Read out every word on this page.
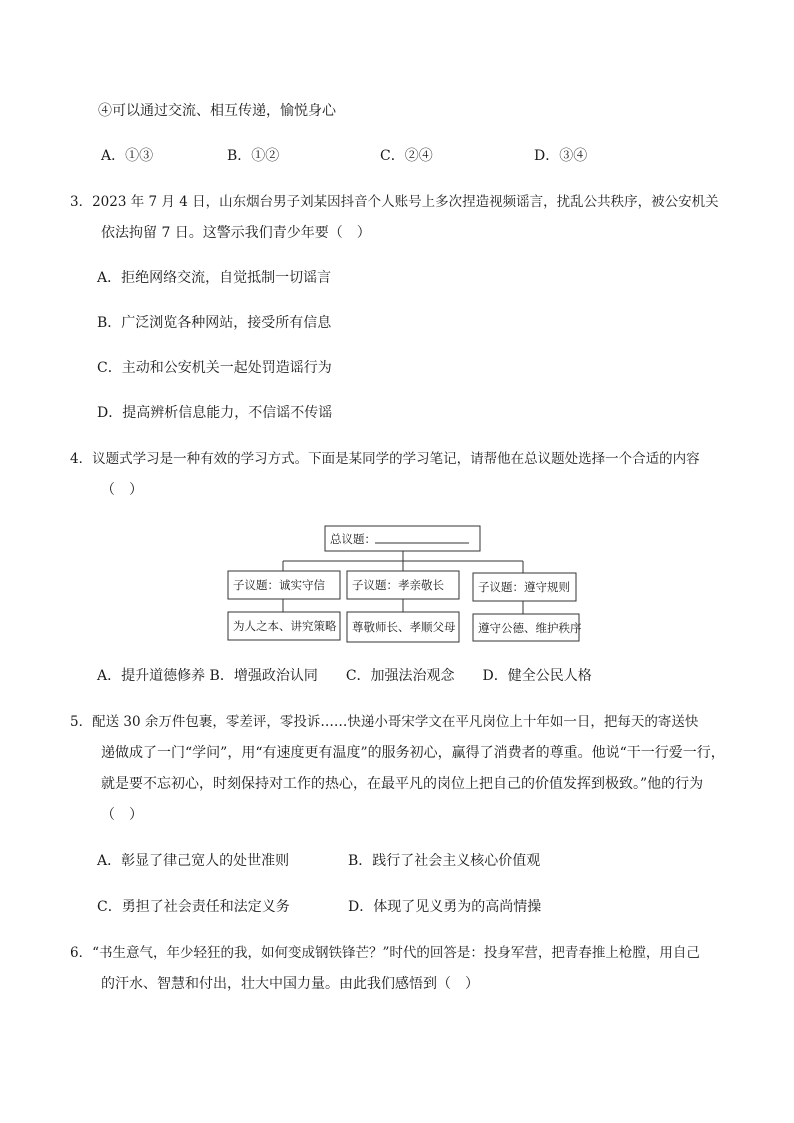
④可以通过交流、相互传递，愉悦身心
A．①③	B．①②	C．②④	D．③④
3．2023 年 7 月 4 日，山东烟台男子刘某因抖音个人账号上多次捏造视频谣言，扰乱公共秩序，被公安机关
依法拘留 7 日。这警示我们青少年要（　）
A．拒绝网络交流，自觉抵制一切谣言
B．广泛浏览各种网站，接受所有信息
C．主动和公安机关一起处罚造谣行为
D．提高辨析信息能力，不信谣不传谣
4．议题式学习是一种有效的学习方式。下面是某同学的学习笔记，请帮他在总议题处选择一个合适的内容
（　）
总议题：
子议题：诚实守信 子议题：孝亲敬长	子议题：遵守规则
为人之本、讲究策略 尊敬师长、孝顺父母 遵守公德、维护秩序
A．提升道德修养 B．增强政治认同　　C．加强法治观念　　D．健全公民人格
5．配送 30 余万件包裹，零差评，零投诉……快递小哥宋学文在平凡岗位上十年如一日，把每天的寄送快
递做成了一门“学问”，用“有速度更有温度”的服务初心，赢得了消费者的尊重。他说“干一行爱一行，
就是要不忘初心，时刻保持对工作的热心，在最平凡的岗位上把自己的价值发挥到极致。”他的行为
（　）
A．彰显了律己宽人的处世准则	B．践行了社会主义核心价值观
C．勇担了社会责任和法定义务	D．体现了见义勇为的高尚情操
6．“书生意气，年少轻狂的我，如何变成钢铁锋芒？”时代的回答是：投身军营，把青春推上枪膛，用自己
的汗水、智慧和付出，壮大中国力量。由此我们感悟到（　）
